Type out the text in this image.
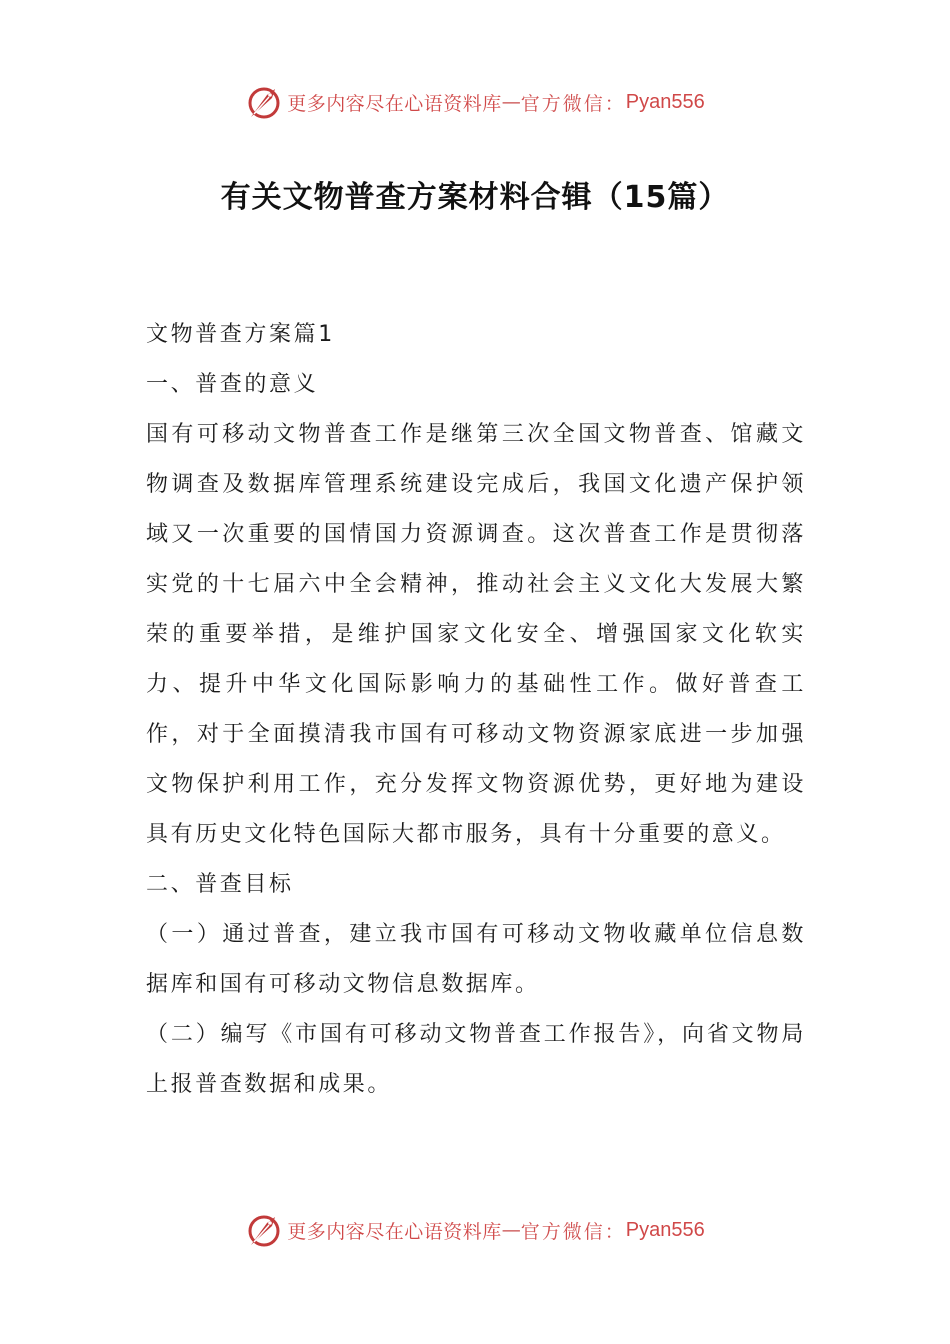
更多内容尽在心语资料库 — 官方微信： Pyan556
有关文物普查方案材料合辑（15篇）

文物普查方案篇1

一、普查的意义

国有可移动文物普查工作是继第三次全国文物普查、馆藏文物调查及数据库管理系统建设完成后，我国文化遗产保护领域又一次重要的国情国力资源调查。这次普查工作是贯彻落实党的十七届六中全会精神，推动社会主义文化大发展大繁荣的重要举措，是维护国家文化安全、增强国家文化软实力、提升中华文化国际影响力的基础性工作。做好普查工作，对于全面摸清我市国有可移动文物资源家底进一步加强文物保护利用工作，充分发挥文物资源优势，更好地为建设具有历史文化特色国际大都市服务，具有十分重要的意义。

二、普查目标

（一）通过普查，建立我市国有可移动文物收藏单位信息数据库和国有可移动文物信息数据库。

（二）编写《市国有可移动文物普查工作报告》，向省文物局上报普查数据和成果。

更多内容尽在心语资料库 — 官方微信： Pyan556
